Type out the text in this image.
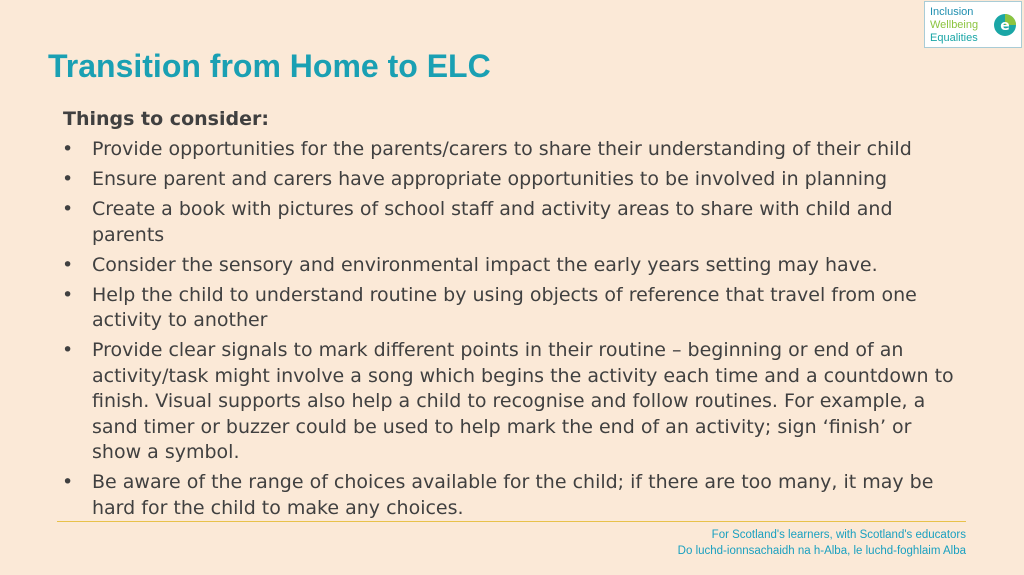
Inclusion
Wellbeing
Equalities
e
Transition from Home to ELC
Things to consider:
• Provide opportunities for the parents/carers to share their understanding of their child
• Ensure parent and carers have appropriate opportunities to be involved in planning
• Create a book with pictures of school staff and activity areas to share with child and parents
• Consider the sensory and environmental impact the early years setting may have.
• Help the child to understand routine by using objects of reference that travel from one activity to another
• Provide clear signals to mark different points in their routine – beginning or end of an activity/task might involve a song which begins the activity each time and a countdown to finish. Visual supports also help a child to recognise and follow routines. For example, a sand timer or buzzer could be used to help mark the end of an activity; sign ‘finish’ or show a symbol.
• Be aware of the range of choices available for the child; if there are too many, it may be hard for the child to make any choices.
For Scotland's learners, with Scotland's educators
Do luchd-ionnsachaidh na h-Alba, le luchd-foghlaim Alba
